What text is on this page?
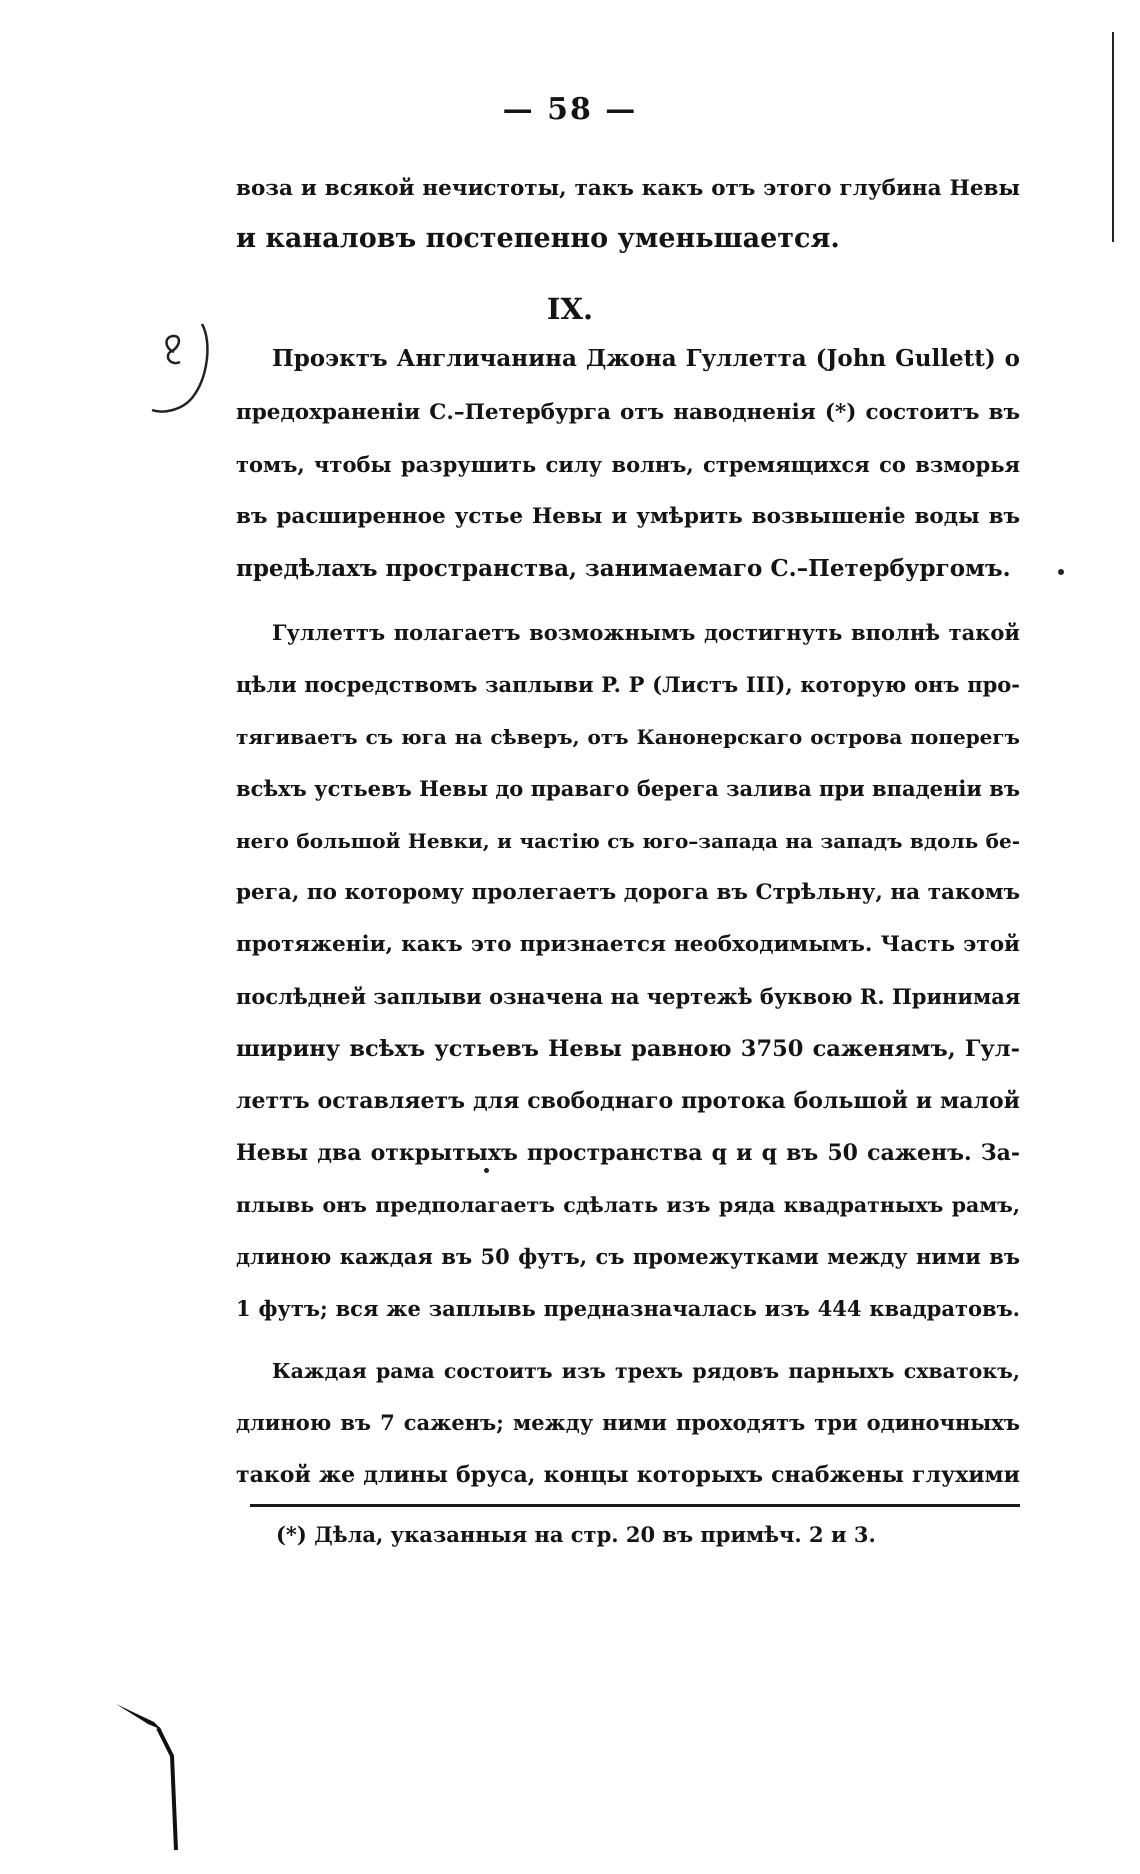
— 58 —
воза и всякой нечистоты, такъ какъ отъ этого глубина Невы
и каналовъ постепенно уменьшается.
IX.
Проэктъ Англичанина Джона Гуллетта (John Gullett) о
предохраненіи С.–Петербурга отъ наводненія (*) состоитъ въ
томъ, чтобы разрушить силу волнъ, стремящихся со взморья
въ расширенное устье Невы и умѣрить возвышеніе воды въ
предѣлахъ пространства, занимаемаго С.–Петербургомъ.
Гуллеттъ полагаетъ возможнымъ достигнуть вполнѣ такой
цѣли посредствомъ заплыви P. P (Листъ III), которую онъ про-
тягиваетъ съ юга на сѣверъ, отъ Канонерскаго острова поперегъ
всѣхъ устьевъ Невы до праваго берега залива при впаденіи въ
него большой Невки, и частію съ юго–запада на западъ вдоль бе-
рега, по которому пролегаетъ дорога въ Стрѣльну, на такомъ
протяженіи, какъ это признается необходимымъ. Часть этой
послѣдней заплыви означена на чертежѣ буквою R. Принимая
ширину всѣхъ устьевъ Невы равною 3750 саженямъ, Гул-
леттъ оставляетъ для свободнаго протока большой и малой
Невы два открытыхъ пространства q и q въ 50 саженъ. За-
плывь онъ предполагаетъ сдѣлать изъ ряда квадратныхъ рамъ,
длиною каждая въ 50 футъ, съ промежутками между ними въ
1 футъ; вся же заплывь предназначалась изъ 444 квадратовъ.
Каждая рама состоитъ изъ трехъ рядовъ парныхъ схватокъ,
длиною въ 7 саженъ; между ними проходятъ три одиночныхъ
такой же длины бруса, концы которыхъ снабжены глухими
(*) Дѣла, указанныя на стр. 20 въ примѣч. 2 и 3.
